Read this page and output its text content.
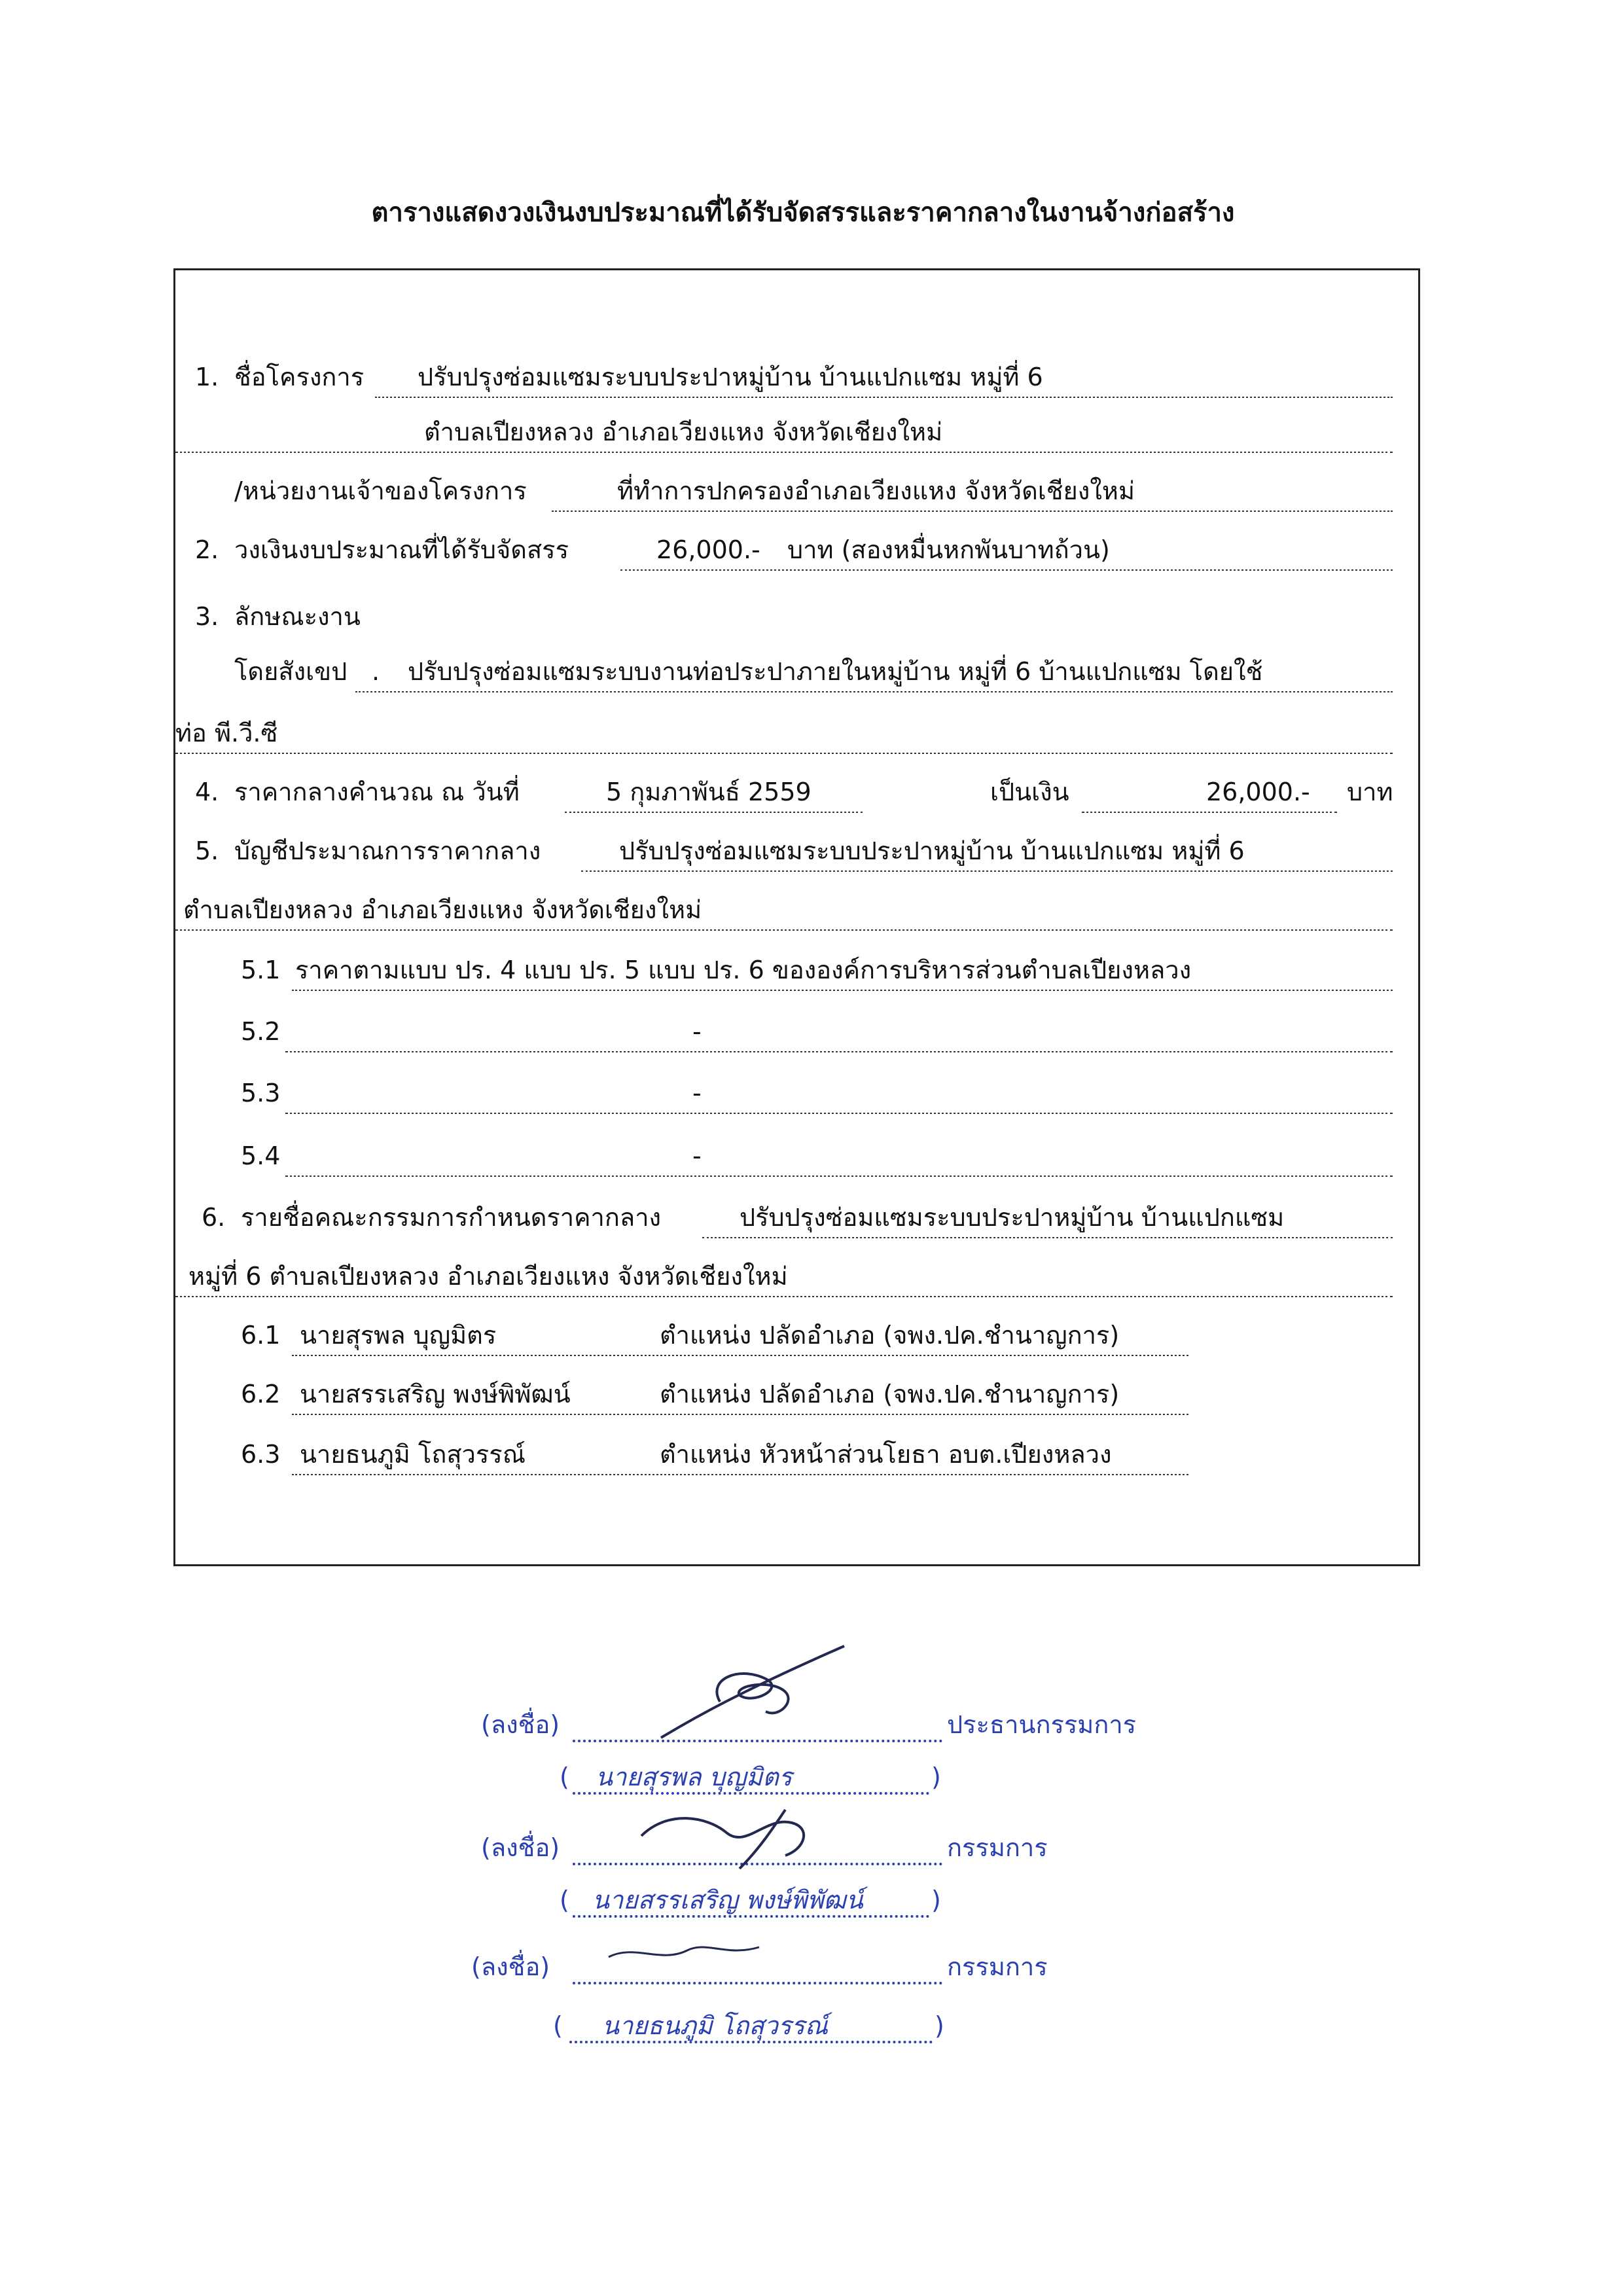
ตารางแสดงวงเงินงบประมาณที่ได้รับจัดสรรและราคากลางในงานจ้างก่อสร้าง
1. ชื่อโครงการ ปรับปรุงซ่อมแซมระบบประปาหมู่บ้าน บ้านแปกแซม หมู่ที่ 6
ตำบลเปียงหลวง อำเภอเวียงแหง จังหวัดเชียงใหม่
/หน่วยงานเจ้าของโครงการ	ที่ทำการปกครองอำเภอเวียงแหง จังหวัดเชียงใหม่
2. วงเงินงบประมาณที่ได้รับจัดสรร	26,000.- บาท (สองหมื่นหกพันบาทถ้วน)
3. ลักษณะงาน
โดยสังเขป . ปรับปรุงซ่อมแซมระบบงานท่อประปาภายในหมู่บ้าน หมู่ที่ 6 บ้านแปกแซม โดยใช้
ท่อ พี.วี.ซี
4. ราคากลางคำนวณ ณ วันที่	5 กุมภาพันธ์ 2559	เป็นเงิน	26,000.- บาท
5. บัญชีประมาณการราคากลาง	ปรับปรุงซ่อมแซมระบบประปาหมู่บ้าน บ้านแปกแซม หมู่ที่ 6
ตำบลเปียงหลวง อำเภอเวียงแหง จังหวัดเชียงใหม่
5.1 ราคาตามแบบ ปร. 4 แบบ ปร. 5 แบบ ปร. 6 ขององค์การบริหารส่วนตำบลเปียงหลวง
5.2	-
5.3	-
5.4	-
6. รายชื่อคณะกรรมการกำหนดราคากลาง	ปรับปรุงซ่อมแซมระบบประปาหมู่บ้าน บ้านแปกแซม
หมู่ที่ 6 ตำบลเปียงหลวง อำเภอเวียงแหง จังหวัดเชียงใหม่
6.1 นายสุรพล บุญมิตร	ตำแหน่ง ปลัดอำเภอ (จพง.ปค.ชำนาญการ)
6.2 นายสรรเสริญ พงษ์พิพัฒน์	ตำแหน่ง ปลัดอำเภอ (จพง.ปค.ชำนาญการ)
6.3 นายธนภูมิ โถสุวรรณ์	ตำแหน่ง หัวหน้าส่วนโยธา อบต.เปียงหลวง
(ลงชื่อ)	ประธานกรรมการ
( นายสุรพล บุญมิตร	)
(ลงชื่อ)	กรรมการ
( นายสรรเสริญ พงษ์พิพัฒน์	)
(ลงชื่อ)	กรรมการ
( นายธนภูมิ โถสุวรรณ์	)
